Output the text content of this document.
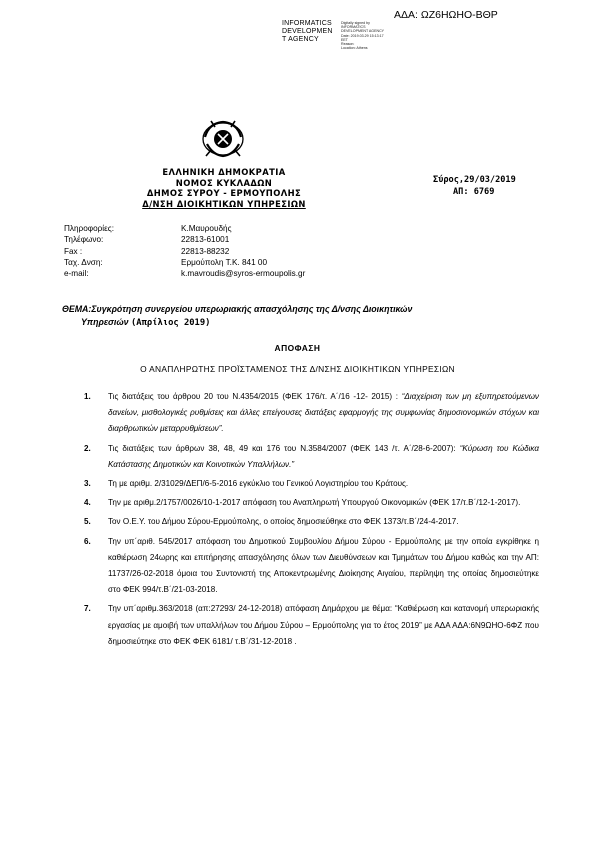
ΑΔΑ: ΩΖ6ΗΩΗΟ-ΒΘΡ
INFORMATICS
DEVELOPMEN
T AGENCY
Digitally signed by
INFORMATICS
DEVELOPMENT AGENCY
Date: 2019.03.29 15:13:17
EET
Reason:
Location: Athens
ΕΛΛΗΝΙΚΗ ΔΗΜΟΚΡΑΤΙΑ
ΝΟΜΟΣ ΚΥΚΛΑΔΩΝ
ΔΗΜΟΣ ΣΥΡΟΥ - ΕΡΜΟΥΠΟΛΗΣ
Δ/ΝΣΗ ΔΙΟΙΚΗΤΙΚΩΝ ΥΠΗΡΕΣΙΩΝ
Σύρος,29/03/2019
ΑΠ: 6769
Πληροφορίες:	Κ.Μαυρουδής
Τηλέφωνο:	22813-61001
Fax :	22813-88232
Ταχ. Δνση:	Ερμούπολη Τ.Κ. 841 00
e-mail:	k.mavroudis@syros-ermoupolis.gr
ΘΕΜΑ:Συγκρότηση συνεργείου υπερωριακής απασχόλησης της Δ/νσης Διοικητικών
Υπηρεσιών (Απρίλιος 2019)
ΑΠΟΦΑΣΗ
Ο ΑΝΑΠΛΗΡΩΤΗΣ ΠΡΟΪΣΤΑΜΕΝΟΣ ΤΗΣ Δ/ΝΣΗΣ ΔΙΟΙΚΗΤΙΚΩΝ ΥΠΗΡΕΣΙΩΝ
1. Τις διατάξεις του άρθρου 20 του Ν.4354/2015 (ΦΕΚ 176/τ. Α΄/16 -12- 2015) : “Διαχείριση των μη εξυπηρετούμενων δανείων, μισθολογικές ρυθμίσεις και άλλες επείγουσες διατάξεις εφαρμογής της συμφωνίας δημοσιονομικών στόχων και διαρθρωτικών μεταρρυθμίσεων”.
2. Τις διατάξεις των άρθρων 38, 48, 49 και 176 του Ν.3584/2007 (ΦΕΚ 143 /τ. Α΄/28-6-2007): “Κύρωση του Κώδικα Κατάστασης Δημοτικών και Κοινοτικών Υπαλλήλων.”
3. Τη με αριθμ. 2/31029/ΔΕΠ/6-5-2016 εγκύκλιο του Γενικού Λογιστηρίου του Κράτους.
4. Την με αριθμ.2/1757/0026/10-1-2017 απόφαση του Αναπληρωτή Υπουργού Οικονομικών (ΦΕΚ 17/τ.Β΄/12-1-2017).
5. Τον Ο.Ε.Υ. του Δήμου Σύρου-Ερμούπολης, ο οποίος δημοσιεύθηκε στο ΦΕΚ 1373/τ.Β΄/24-4-2017.
6. Την υπ΄αριθ. 545/2017 απόφαση του Δημοτικού Συμβουλίου Δήμου Σύρου - Ερμούπολης με την οποία εγκρίθηκε η καθιέρωση 24ωρης και επιτήρησης απασχόλησης όλων των Διευθύνσεων και Τμημάτων του Δήμου καθώς και την ΑΠ: 11737/26-02-2018 όμοια του Συντονιστή της Αποκεντρωμένης Διοίκησης Αιγαίου, περίληψη της οποίας δημοσιεύτηκε στο ΦΕΚ 994/τ.Β΄/21-03-2018.
7. Την υπ΄αριθμ.363/2018 (απ:27293/ 24-12-2018) απόφαση Δημάρχου με θέμα: “Καθιέρωση και κατανομή υπερωριακής εργασίας με αμοιβή των υπαλλήλων του Δήμου Σύρου – Ερμούπολης για το έτος 2019” με ΑΔΑ ΑΔΑ:6Ν9ΩΗΟ-6ΦΖ που δημοσιεύτηκε στο ΦΕΚ ΦΕΚ 6181/ τ.Β΄/31-12-2018 .
